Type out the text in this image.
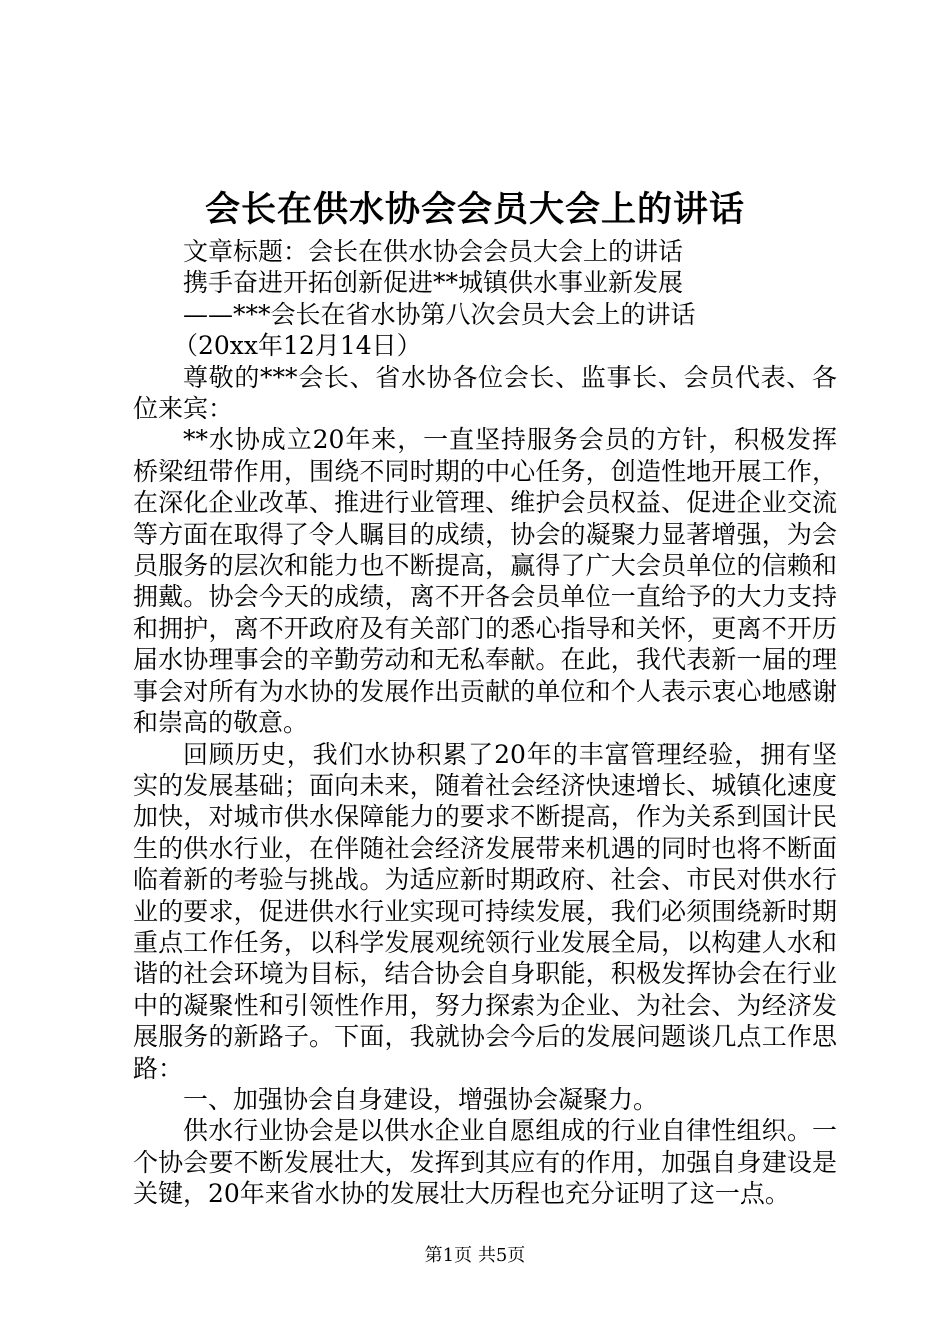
会长在供水协会会员大会上的讲话

文章标题：会长在供水协会会员大会上的讲话

携手奋进开拓创新促进**城镇供水事业新发展

——***会长在省水协第八次会员大会上的讲话

（20xx年12月14日）

尊敬的***会长、省水协各位会长、监事长、会员代表、各位来宾：

**水协成立20年来，一直坚持服务会员的方针，积极发挥桥梁纽带作用，围绕不同时期的中心任务，创造性地开展工作，在深化企业改革、推进行业管理、维护会员权益、促进企业交流等方面在取得了令人瞩目的成绩，协会的凝聚力显著增强，为会员服务的层次和能力也不断提高，赢得了广大会员单位的信赖和拥戴。协会今天的成绩，离不开各会员单位一直给予的大力支持和拥护，离不开政府及有关部门的悉心指导和关怀，更离不开历届水协理事会的辛勤劳动和无私奉献。在此，我代表新一届的理事会对所有为水协的发展作出贡献的单位和个人表示衷心地感谢和崇高的敬意。

回顾历史，我们水协积累了20年的丰富管理经验，拥有坚实的发展基础；面向未来，随着社会经济快速增长、城镇化速度加快，对城市供水保障能力的要求不断提高，作为关系到国计民生的供水行业，在伴随社会经济发展带来机遇的同时也将不断面临着新的考验与挑战。为适应新时期政府、社会、市民对供水行业的要求，促进供水行业实现可持续发展，我们必须围绕新时期重点工作任务，以科学发展观统领行业发展全局，以构建人水和谐的社会环境为目标，结合协会自身职能，积极发挥协会在行业中的凝聚性和引领性作用，努力探索为企业、为社会、为经济发展服务的新路子。下面，我就协会今后的发展问题谈几点工作思路：

一、加强协会自身建设，增强协会凝聚力。

供水行业协会是以供水企业自愿组成的行业自律性组织。一个协会要不断发展壮大，发挥到其应有的作用，加强自身建设是关键，20年来省水协的发展壮大历程也充分证明了这一点。

第1页 共5页
